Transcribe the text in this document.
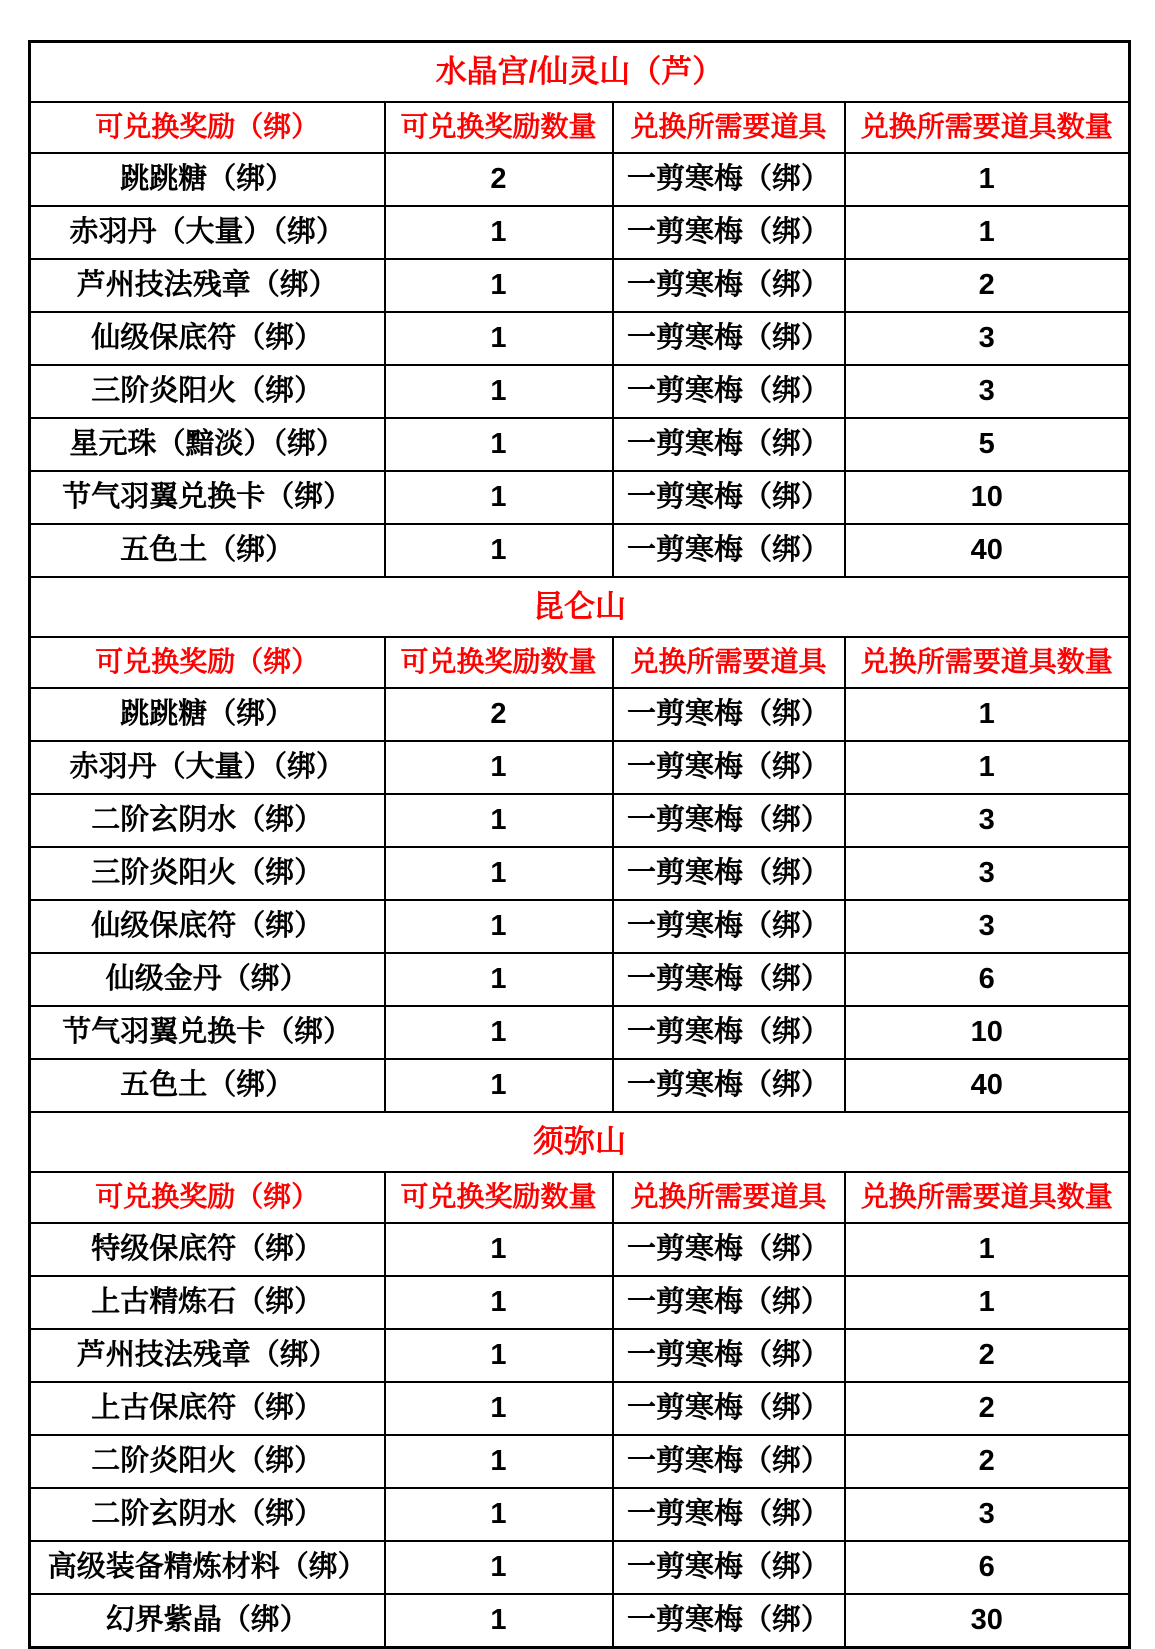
水晶宫/仙灵山（芦）			
可兑换奖励（绑）	可兑换奖励数量	兑换所需要道具	兑换所需要道具数量
跳跳糖（绑）	2	一剪寒梅（绑）	1
赤羽丹（大量）（绑）	1	一剪寒梅（绑）	1
芦州技法残章（绑）	1	一剪寒梅（绑）	2
仙级保底符（绑）	1	一剪寒梅（绑）	3
三阶炎阳火（绑）	1	一剪寒梅（绑）	3
星元珠（黯淡）（绑）	1	一剪寒梅（绑）	5
节气羽翼兑换卡（绑）	1	一剪寒梅（绑）	10
五色土（绑）	1	一剪寒梅（绑）	40
昆仑山			
可兑换奖励（绑）	可兑换奖励数量	兑换所需要道具	兑换所需要道具数量
跳跳糖（绑）	2	一剪寒梅（绑）	1
赤羽丹（大量）（绑）	1	一剪寒梅（绑）	1
二阶玄阴水（绑）	1	一剪寒梅（绑）	3
三阶炎阳火（绑）	1	一剪寒梅（绑）	3
仙级保底符（绑）	1	一剪寒梅（绑）	3
仙级金丹（绑）	1	一剪寒梅（绑）	6
节气羽翼兑换卡（绑）	1	一剪寒梅（绑）	10
五色土（绑）	1	一剪寒梅（绑）	40
须弥山			
可兑换奖励（绑）	可兑换奖励数量	兑换所需要道具	兑换所需要道具数量
特级保底符（绑）	1	一剪寒梅（绑）	1
上古精炼石（绑）	1	一剪寒梅（绑）	1
芦州技法残章（绑）	1	一剪寒梅（绑）	2
上古保底符（绑）	1	一剪寒梅（绑）	2
二阶炎阳火（绑）	1	一剪寒梅（绑）	2
二阶玄阴水（绑）	1	一剪寒梅（绑）	3
高级装备精炼材料（绑）	1	一剪寒梅（绑）	6
幻界紫晶（绑）	1	一剪寒梅（绑）	30
